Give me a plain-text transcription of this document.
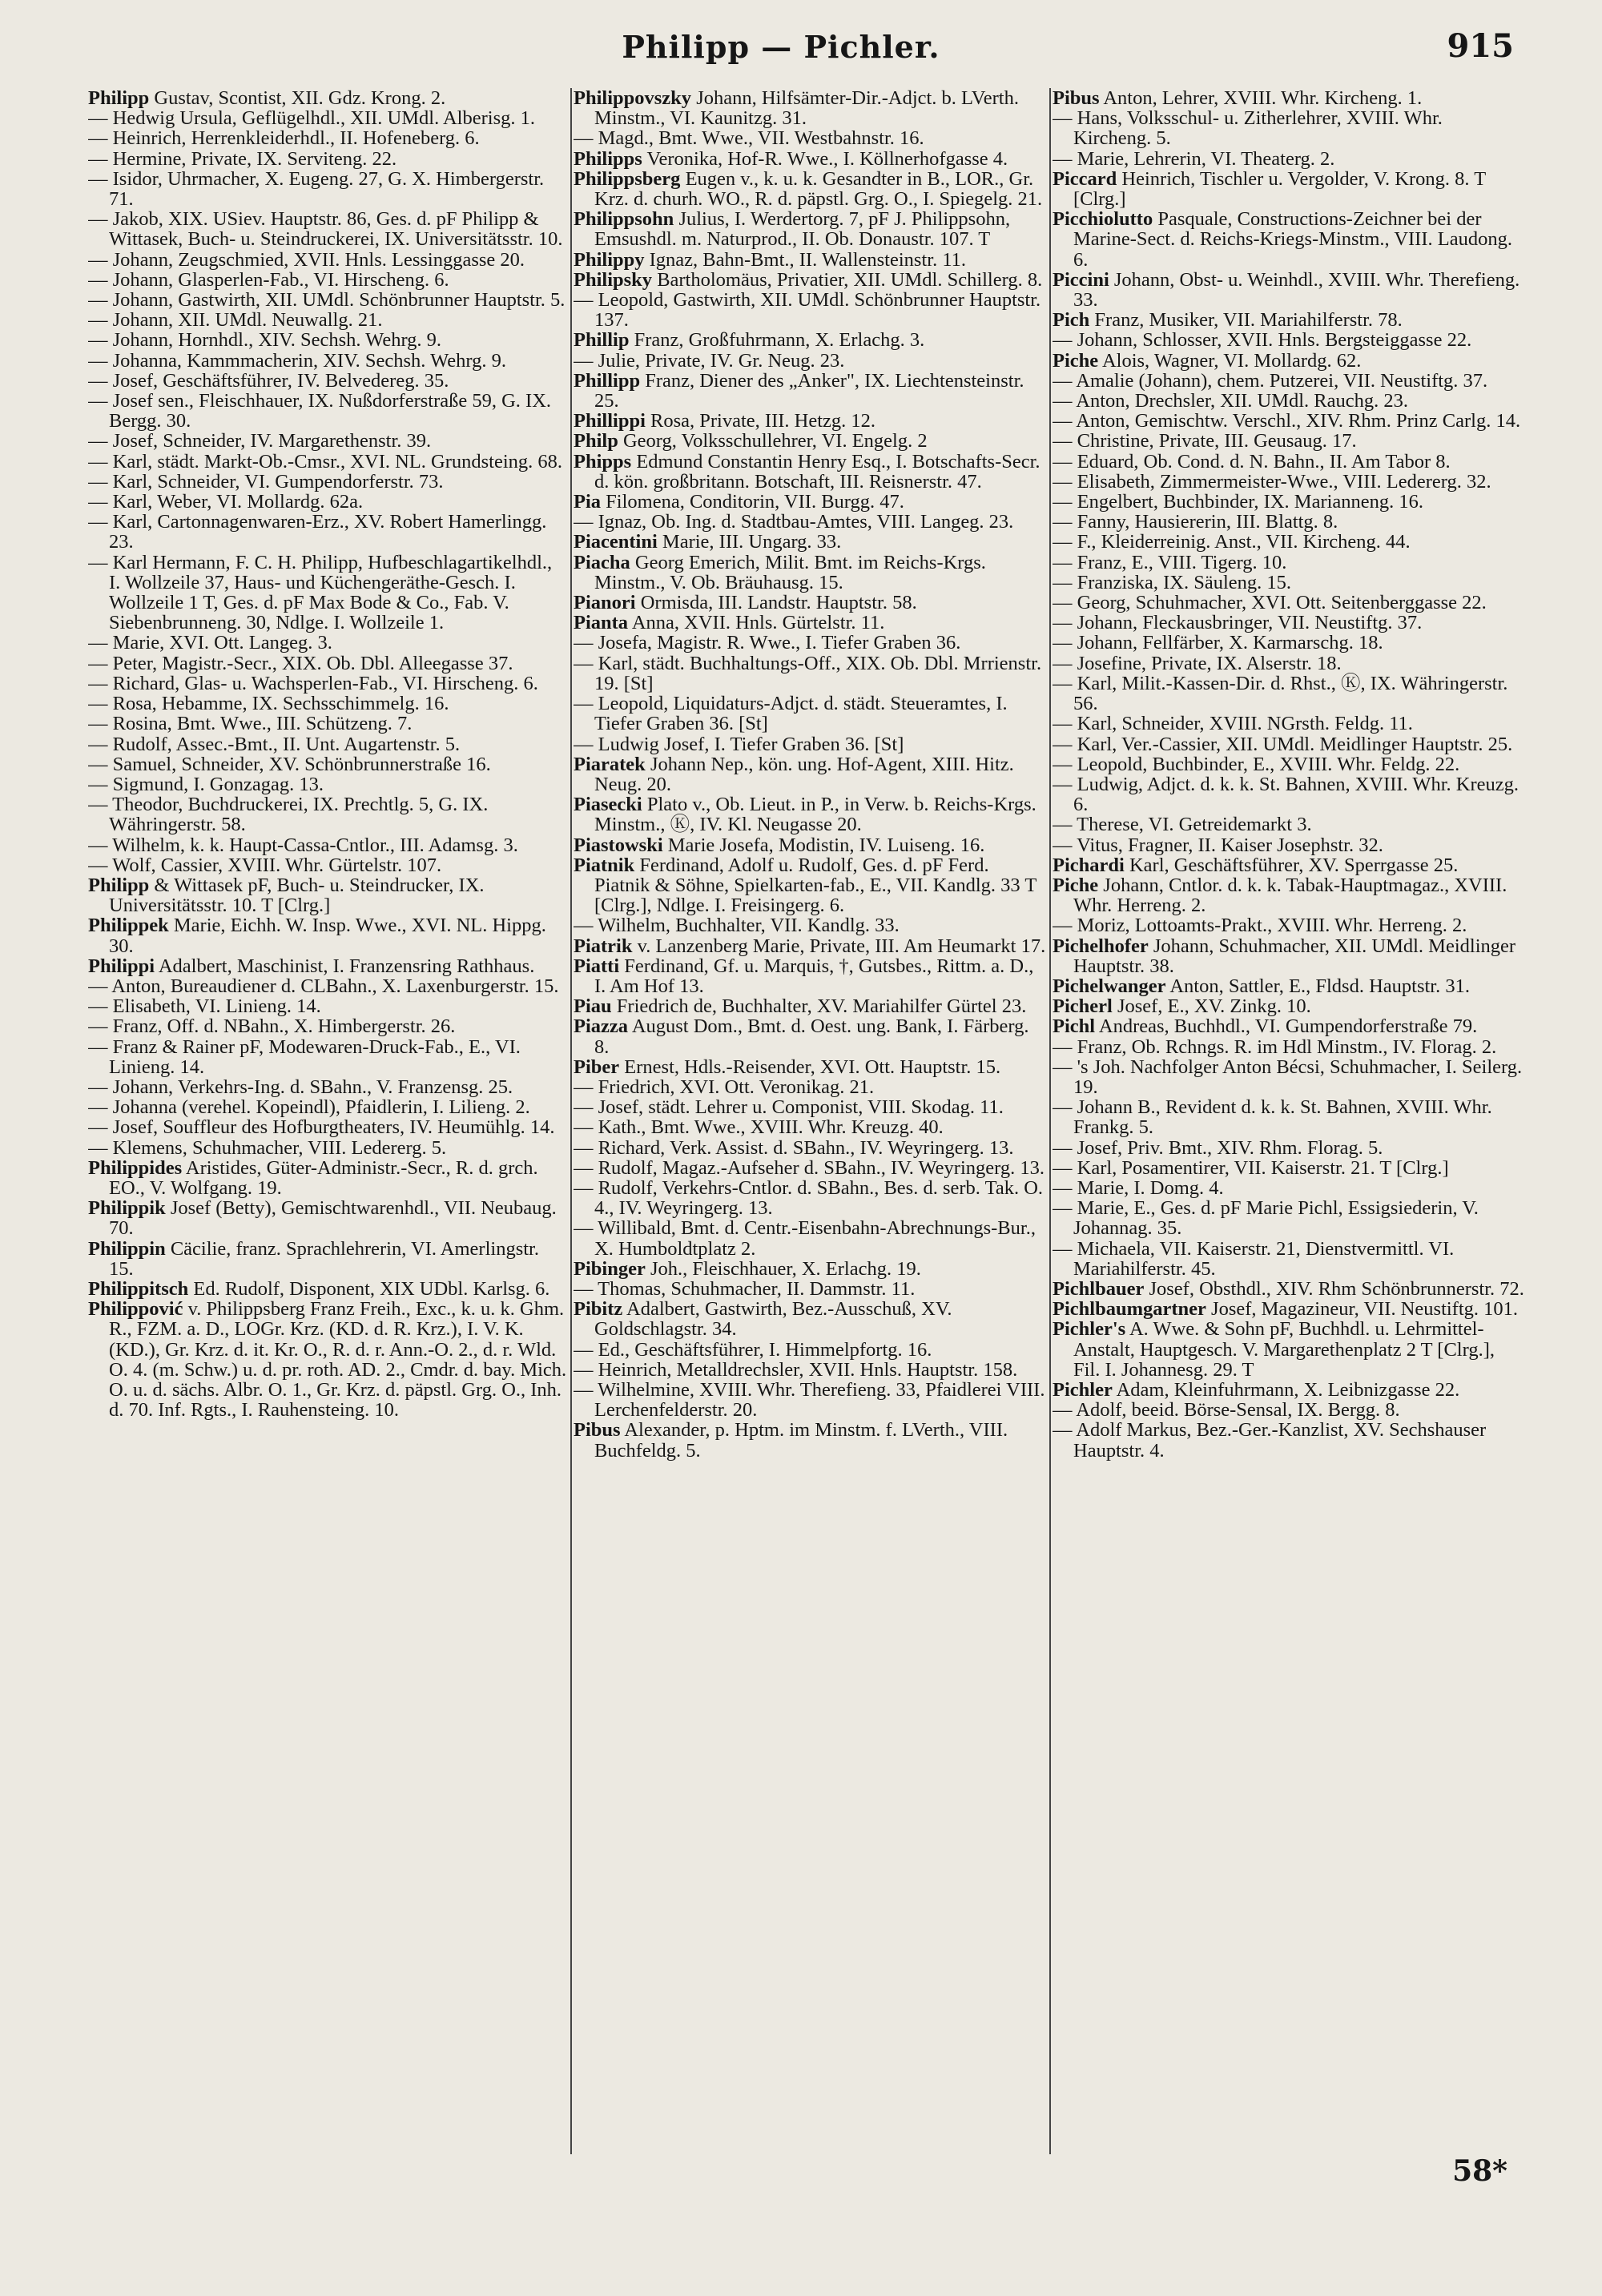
Philipp — Pichler.	915

Philipp Gustav, Scontist, XII. Gdz. Krong. 2.

— Hedwig Ursula, Geflügelhdl., XII. UMdl. Alberisg. 1.

— Heinrich, Herrenkleiderhdl., II. Hofeneberg. 6.

— Hermine, Private, IX. Serviteng. 22.

— Isidor, Uhrmacher, X. Eugeng. 27, G. X. Himbergerstr. 71.

— Jakob, XIX. USiev. Hauptstr. 86, Ges. d. pF Philipp & Wittasek, Buch- u. Steindruckerei, IX. Universitätsstr. 10.

— Johann, Zeugschmied, XVII. Hnls. Lessinggasse 20.

— Johann, Glasperlen-Fab., VI. Hirscheng. 6.

— Johann, Gastwirth, XII. UMdl. Schönbrunner Hauptstr. 5.

— Johann, XII. UMdl. Neuwallg. 21.

— Johann, Hornhdl., XIV. Sechsh. Wehrg. 9.

— Johanna, Kammmacherin, XIV. Sechsh. Wehrg. 9.

— Josef, Geschäftsführer, IV. Belvedereg. 35.

— Josef sen., Fleischhauer, IX. Nußdorferstraße 59, G. IX. Bergg. 30.

— Josef, Schneider, IV. Margarethenstr. 39.

— Karl, städt. Markt-Ob.-Cmsr., XVI. NL. Grundsteing. 68.

— Karl, Schneider, VI. Gumpendorferstr. 73.

— Karl, Weber, VI. Mollardg. 62a.

— Karl, Cartonnagenwaren-Erz., XV. Robert Hamerlingg. 23.

— Karl Hermann, F. C. H. Philipp, Hufbeschlagartikelhdl., I. Wollzeile 37, Haus- und Küchengeräthe-Gesch. I. Wollzeile 1 T, Ges. d. pF Max Bode & Co., Fab. V. Siebenbrunneng. 30, Ndlge. I. Wollzeile 1.

— Marie, XVI. Ott. Langeg. 3.

— Peter, Magistr.-Secr., XIX. Ob. Dbl. Alleegasse 37.

— Richard, Glas- u. Wachsperlen-Fab., VI. Hirscheng. 6.

— Rosa, Hebamme, IX. Sechsschimmelg. 16.

— Rosina, Bmt. Wwe., III. Schützeng. 7.

— Rudolf, Assec.-Bmt., II. Unt. Augartenstr. 5.

— Samuel, Schneider, XV. Schönbrunnerstraße 16.

— Sigmund, I. Gonzagag. 13.

— Theodor, Buchdruckerei, IX. Prechtlg. 5, G. IX. Währingerstr. 58.

— Wilhelm, k. k. Haupt-Cassa-Cntlor., III. Adamsg. 3.

— Wolf, Cassier, XVIII. Whr. Gürtelstr. 107.

Philipp & Wittasek pF, Buch- u. Steindrucker, IX. Universitätsstr. 10. T [Clrg.]

Philippek Marie, Eichh. W. Insp. Wwe., XVI. NL. Hippg. 30.

Philippi Adalbert, Maschinist, I. Franzensring Rathhaus.

— Anton, Bureaudiener d. CLBahn., X. Laxenburgerstr. 15.

— Elisabeth, VI. Linieng. 14.

— Franz, Off. d. NBahn., X. Himbergerstr. 26.

— Franz & Rainer pF, Modewaren-Druck-Fab., E., VI. Linieng. 14.

— Johann, Verkehrs-Ing. d. SBahn., V. Franzensg. 25.

— Johanna (verehel. Kopeindl), Pfaidlerin, I. Lilieng. 2.

— Josef, Souffleur des Hofburgtheaters, IV. Heumühlg. 14.

— Klemens, Schuhmacher, VIII. Ledererg. 5.

Philippides Aristides, Güter-Administr.-Secr., R. d. grch. EO., V. Wolfgang. 19.

Philippik Josef (Betty), Gemischtwarenhdl., VII. Neubaug. 70.

Philippin Cäcilie, franz. Sprachlehrerin, VI. Amerlingstr. 15.

Philippitsch Ed. Rudolf, Disponent, XIX UDbl. Karlsg. 6.

Philippović v. Philippsberg Franz Freih., Exc., k. u. k. Ghm. R., FZM. a. D., LOGr. Krz. (KD. d. R. Krz.), I. V. K. (KD.), Gr. Krz. d. it. Kr. O., R. d. r. Ann.-O. 2., d. r. Wld. O. 4. (m. Schw.) u. d. pr. roth. AD. 2., Cmdr. d. bay. Mich. O. u. d. sächs. Albr. O. 1., Gr. Krz. d. päpstl. Grg. O., Inh. d. 70. Inf. Rgts., I. Rauhensteing. 10.

Philippovszky Johann, Hilfsämter-Dir.-Adjct. b. LVerth. Minstm., VI. Kaunitzg. 31.

— Magd., Bmt. Wwe., VII. Westbahnstr. 16.

Philipps Veronika, Hof-R. Wwe., I. Köllnerhofgasse 4.

Philippsberg Eugen v., k. u. k. Gesandter in B., LOR., Gr. Krz. d. churh. WO., R. d. päpstl. Grg. O., I. Spiegelg. 21.

Philippsohn Julius, I. Werdertorg. 7, pF J. Philippsohn, Emsushdl. m. Naturprod., II. Ob. Donaustr. 107. T

Philippy Ignaz, Bahn-Bmt., II. Wallensteinstr. 11.

Philipsky Bartholomäus, Privatier, XII. UMdl. Schillerg. 8.

— Leopold, Gastwirth, XII. UMdl. Schönbrunner Hauptstr. 137.

Phillip Franz, Großfuhrmann, X. Erlachg. 3.

— Julie, Private, IV. Gr. Neug. 23.

Phillipp Franz, Diener des „Anker", IX. Liechtensteinstr. 25.

Phillippi Rosa, Private, III. Hetzg. 12.

Philp Georg, Volksschullehrer, VI. Engelg. 2

Phipps Edmund Constantin Henry Esq., I. Botschafts-Secr. d. kön. großbritann. Botschaft, III. Reisnerstr. 47.

Pia Filomena, Conditorin, VII. Burgg. 47.

— Ignaz, Ob. Ing. d. Stadtbau-Amtes, VIII. Langeg. 23.

Piacentini Marie, III. Ungarg. 33.

Piacha Georg Emerich, Milit. Bmt. im Reichs-Krgs. Minstm., V. Ob. Bräuhausg. 15.

Pianori Ormisda, III. Landstr. Hauptstr. 58.

Pianta Anna, XVII. Hnls. Gürtelstr. 11.

— Josefa, Magistr. R. Wwe., I. Tiefer Graben 36.

— Karl, städt. Buchhaltungs-Off., XIX. Ob. Dbl. Mrrienstr. 19. [St]

— Leopold, Liquidaturs-Adjct. d. städt. Steueramtes, I. Tiefer Graben 36. [St]

— Ludwig Josef, I. Tiefer Graben 36. [St]

Piaratek Johann Nep., kön. ung. Hof-Agent, XIII. Hitz. Neug. 20.

Piasecki Plato v., Ob. Lieut. in P., in Verw. b. Reichs-Krgs. Minstm., Ⓚ, IV. Kl. Neugasse 20.

Piastowski Marie Josefa, Modistin, IV. Luiseng. 16.

Piatnik Ferdinand, Adolf u. Rudolf, Ges. d. pF Ferd. Piatnik & Söhne, Spielkarten-fab., E., VII. Kandlg. 33 T [Clrg.], Ndlge. I. Freisingerg. 6.

— Wilhelm, Buchhalter, VII. Kandlg. 33.

Piatrik v. Lanzenberg Marie, Private, III. Am Heumarkt 17.

Piatti Ferdinand, Gf. u. Marquis, †, Gutsbes., Rittm. a. D., I. Am Hof 13.

Piau Friedrich de, Buchhalter, XV. Mariahilfer Gürtel 23.

Piazza August Dom., Bmt. d. Oest. ung. Bank, I. Färberg. 8.

Piber Ernest, Hdls.-Reisender, XVI. Ott. Hauptstr. 15.

— Friedrich, XVI. Ott. Veronikag. 21.

— Josef, städt. Lehrer u. Componist, VIII. Skodag. 11.

— Kath., Bmt. Wwe., XVIII. Whr. Kreuzg. 40.

— Richard, Verk. Assist. d. SBahn., IV. Weyringerg. 13.

— Rudolf, Magaz.-Aufseher d. SBahn., IV. Weyringerg. 13.

— Rudolf, Verkehrs-Cntlor. d. SBahn., Bes. d. serb. Tak. O. 4., IV. Weyringerg. 13.

— Willibald, Bmt. d. Centr.-Eisenbahn-Abrechnungs-Bur., X. Humboldtplatz 2.

Pibinger Joh., Fleischhauer, X. Erlachg. 19.

— Thomas, Schuhmacher, II. Dammstr. 11.

Pibitz Adalbert, Gastwirth, Bez.-Ausschuß, XV. Goldschlagstr. 34.

— Ed., Geschäftsführer, I. Himmelpfortg. 16.

— Heinrich, Metalldrechsler, XVII. Hnls. Hauptstr. 158.

— Wilhelmine, XVIII. Whr. Therefieng. 33, Pfaidlerei VIII. Lerchenfelderstr. 20.

Pibus Alexander, p. Hptm. im Minstm. f. LVerth., VIII. Buchfeldg. 5.

Pibus Anton, Lehrer, XVIII. Whr. Kircheng. 1.

— Hans, Volksschul- u. Zitherlehrer, XVIII. Whr. Kircheng. 5.

— Marie, Lehrerin, VI. Theaterg. 2.

Piccard Heinrich, Tischler u. Vergolder, V. Krong. 8. T [Clrg.]

Picchiolutto Pasquale, Constructions-Zeichner bei der Marine-Sect. d. Reichs-Kriegs-Minstm., VIII. Laudong. 6.

Piccini Johann, Obst- u. Weinhdl., XVIII. Whr. Therefieng. 33.

Pich Franz, Musiker, VII. Mariahilferstr. 78.

— Johann, Schlosser, XVII. Hnls. Bergsteiggasse 22.

Piche Alois, Wagner, VI. Mollardg. 62.

— Amalie (Johann), chem. Putzerei, VII. Neustiftg. 37.

— Anton, Drechsler, XII. UMdl. Rauchg. 23.

— Anton, Gemischtw. Verschl., XIV. Rhm. Prinz Carlg. 14.

— Christine, Private, III. Geusaug. 17.

— Eduard, Ob. Cond. d. N. Bahn., II. Am Tabor 8.

— Elisabeth, Zimmermeister-Wwe., VIII. Ledererg. 32.

— Engelbert, Buchbinder, IX. Marianneng. 16.

— Fanny, Hausiererin, III. Blattg. 8.

— F., Kleiderreinig. Anst., VII. Kircheng. 44.

— Franz, E., VIII. Tigerg. 10.

— Franziska, IX. Säuleng. 15.

— Georg, Schuhmacher, XVI. Ott. Seitenberggasse 22.

— Johann, Fleckausbringer, VII. Neustiftg. 37.

— Johann, Fellfärber, X. Karmarschg. 18.

— Josefine, Private, IX. Alserstr. 18.

— Karl, Milit.-Kassen-Dir. d. Rhst., Ⓚ, IX. Währingerstr. 56.

— Karl, Schneider, XVIII. NGrsth. Feldg. 11.

— Karl, Ver.-Cassier, XII. UMdl. Meidlinger Hauptstr. 25.

— Leopold, Buchbinder, E., XVIII. Whr. Feldg. 22.

— Ludwig, Adjct. d. k. k. St. Bahnen, XVIII. Whr. Kreuzg. 6.

— Therese, VI. Getreidemarkt 3.

— Vitus, Fragner, II. Kaiser Josephstr. 32.

Pichardi Karl, Geschäftsführer, XV. Sperrgasse 25.

Piche Johann, Cntlor. d. k. k. Tabak-Hauptmagaz., XVIII. Whr. Herreng. 2.

— Moriz, Lottoamts-Prakt., XVIII. Whr. Herreng. 2.

Pichelhofer Johann, Schuhmacher, XII. UMdl. Meidlinger Hauptstr. 38.

Pichelwanger Anton, Sattler, E., Fldsd. Hauptstr. 31.

Picherl Josef, E., XV. Zinkg. 10.

Pichl Andreas, Buchhdl., VI. Gumpendorferstraße 79.

— Franz, Ob. Rchngs. R. im Hdl Minstm., IV. Florag. 2.

— 's Joh. Nachfolger Anton Bécsi, Schuhmacher, I. Seilerg. 19.

— Johann B., Revident d. k. k. St. Bahnen, XVIII. Whr. Frankg. 5.

— Josef, Priv. Bmt., XIV. Rhm. Florag. 5.

— Karl, Posamentirer, VII. Kaiserstr. 21. T [Clrg.]

— Marie, I. Domg. 4.

— Marie, E., Ges. d. pF Marie Pichl, Essigsiederin, V. Johannag. 35.

— Michaela, VII. Kaiserstr. 21, Dienstvermittl. VI. Mariahilferstr. 45.

Pichlbauer Josef, Obsthdl., XIV. Rhm Schönbrunnerstr. 72.

Pichlbaumgartner Josef, Magazineur, VII. Neustiftg. 101.

Pichler's A. Wwe. & Sohn pF, Buchhdl. u. Lehrmittel-Anstalt, Hauptgesch. V. Margarethenplatz 2 T [Clrg.], Fil. I. Johannesg. 29. T

Pichler Adam, Kleinfuhrmann, X. Leibnizgasse 22.

— Adolf, beeid. Börse-Sensal, IX. Bergg. 8.

— Adolf Markus, Bez.-Ger.-Kanzlist, XV. Sechshauser Hauptstr. 4.

58*
